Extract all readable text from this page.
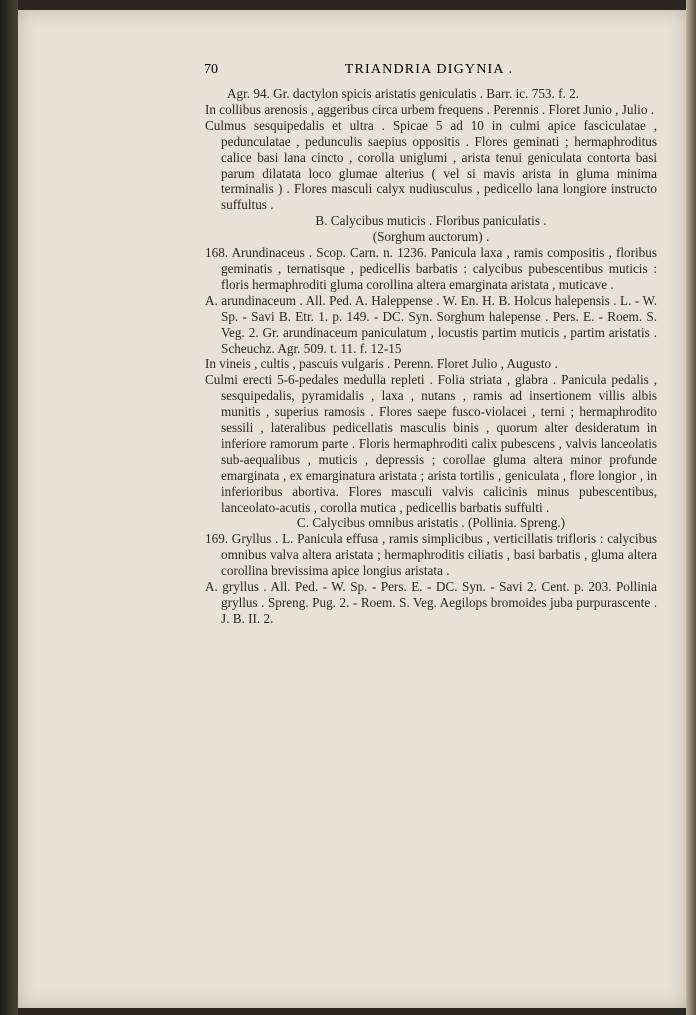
70	TRIANDRIA DIGYNIA .

Agr. 94. Gr. dactylon spicis aristatis geniculatis . Barr. ic. 753. f. 2.

In collibus arenosis , aggeribus circa urbem frequens . Perennis . Floret Junio , Julio .

Culmus sesquipedalis et ultra . Spicae 5 ad 10 in culmi apice fasciculatae , pedunculatae , pedunculis saepius oppositis . Flores geminati ; hermaphroditus calice basi lana cincto , corolla uniglumi , arista tenui geniculata contorta basi parum dilatata loco glumae alterius ( vel si mavis arista in gluma minima terminalis ) . Flores masculi calyx nudiusculus , pedicello lana longiore instructo suffultus .

B. Calycibus muticis . Floribus paniculatis .

(Sorghum auctorum) .

168. Arundinaceus . Scop. Carn. n. 1236. Panicula laxa , ramis compositis , floribus geminatis , ternatisque , pedicellis barbatis : calycibus pubescentibus muticis : floris hermaphroditi gluma corollina altera emarginata aristata , muticave .

A. arundinaceum . All. Ped. A. Haleppense . W. En. H. B. Holcus halepensis . L. - W. Sp. - Savi B. Etr. 1. p. 149. - DC. Syn. Sorghum halepense . Pers. E. - Roem. S. Veg. 2. Gr. arundinaceum paniculatum , locustis partim muticis , partim aristatis . Scheuchz. Agr. 509. t. 11. f. 12-15

In vineis , cultis , pascuis vulgaris . Perenn. Floret Julio , Augusto .

Culmi erecti 5-6-pedales medulla repleti . Folia striata , glabra . Panicula pedalis , sesquipedalis, pyramidalis , laxa , nutans , ramis ad insertionem villis albis munitis , superius ramosis . Flores saepe fusco-violacei , terni ; hermaphrodito sessili , lateralibus pedicellatis masculis binis , quorum alter desideratum in inferiore ramorum parte . Floris hermaphroditi calix pubescens , valvis lanceolatis sub-aequalibus , muticis , depressis ; corollae gluma altera minor profunde emarginata , ex emarginatura aristata ; arista tortilis , geniculata , flore longior , in inferioribus abortiva. Flores masculi valvis calicinis minus pubescentibus, lanceolato-acutis , corolla mutica , pedicellis barbatis suffulti .

C. Calycibus omnibus aristatis . (Pollinia. Spreng.)

169. Gryllus . L. Panicula effusa , ramis simplicibus , verticillatis trifloris : calycibus omnibus valva altera aristata ; hermaphroditis ciliatis , basi barbatis , gluma altera corollina brevissima apice longius aristata .

A. gryllus . All. Ped. - W. Sp. - Pers. E. - DC. Syn. - Savi 2. Cent. p. 203. Pollinia gryllus . Spreng. Pug. 2. - Roem. S. Veg. Aegilops bromoides juba purpurascente . J. B. II. 2.
